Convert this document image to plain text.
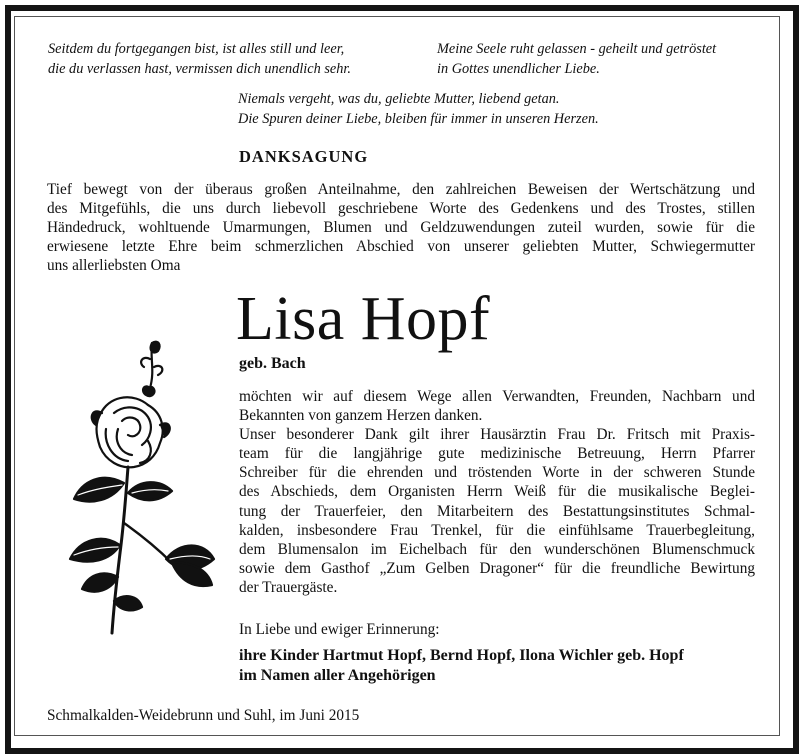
Seitdem du fortgegangen bist, ist alles still und leer,
die du verlassen hast, vermissen dich unendlich sehr.
Meine Seele ruht gelassen - geheilt und getröstet
in Gottes unendlicher Liebe.
Niemals vergeht, was du, geliebte Mutter, liebend getan.
Die Spuren deiner Liebe, bleiben für immer in unseren Herzen.
DANKSAGUNG
Tief bewegt von der überaus großen Anteilnahme, den zahlreichen Beweisen der Wertschätzung und
des Mitgefühls, die uns durch liebevoll geschriebene Worte des Gedenkens und des Trostes, stillen
Händedruck, wohltuende Umarmungen, Blumen und Geldzuwendungen zuteil wurden, sowie für die
erwiesene letzte Ehre beim schmerzlichen Abschied von unserer geliebten Mutter, Schwiegermutter
uns allerliebsten Oma
Lisa Hopf
geb. Bach
möchten wir auf diesem Wege allen Verwandten, Freunden, Nachbarn und
Bekannten von ganzem Herzen danken.
Unser besonderer Dank gilt ihrer Hausärztin Frau Dr. Fritsch mit Praxis-
team für die langjährige gute medizinische Betreuung, Herrn Pfarrer
Schreiber für die ehrenden und tröstenden Worte in der schweren Stunde
des Abschieds, dem Organisten Herrn Weiß für die musikalische Beglei-
tung der Trauerfeier, den Mitarbeitern des Bestattungsinstitutes Schmal-
kalden, insbesondere Frau Trenkel, für die einfühlsame Trauerbegleitung,
dem Blumensalon im Eichelbach für den wunderschönen Blumenschmuck
sowie dem Gasthof „Zum Gelben Dragoner“ für die freundliche Bewirtung
der Trauergäste.
In Liebe und ewiger Erinnerung:
ihre Kinder Hartmut Hopf, Bernd Hopf, Ilona Wichler geb. Hopf
im Namen aller Angehörigen
Schmalkalden-Weidebrunn und Suhl, im Juni 2015
